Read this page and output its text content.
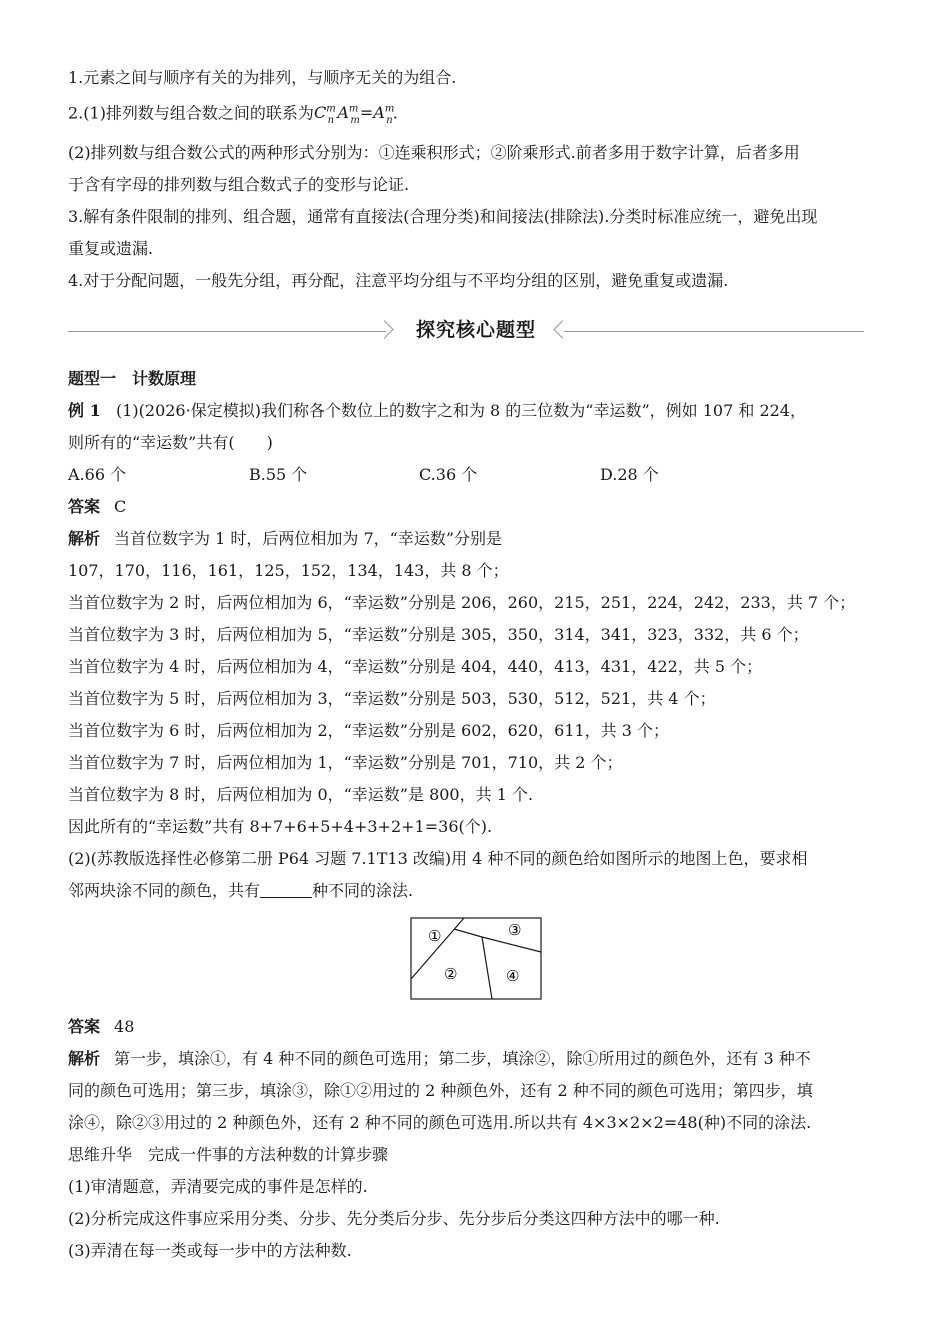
1.元素之间与顺序有关的为排列，与顺序无关的为组合.
2.(1)排列数与组合数之间的联系为$C^m_n$ $A^m_m=A^m_n$.
(2)排列数与组合数公式的两种形式分别为：①连乘积形式；②阶乘形式.前者多用于数字计算，后者多用
于含有字母的排列数与组合数式子的变形与论证.
3.解有条件限制的排列、组合题，通常有直接法(合理分类)和间接法(排除法).分类时标准应统一，避免出现
重复或遗漏.
4.对于分配问题，一般先分组，再分配，注意平均分组与不平均分组的区别，避免重复或遗漏.
探究核心题型
题型一　计数原理
例 1 (1)(2026·保定模拟)我们称各个数位上的数字之和为 8 的三位数为“幸运数”，例如 107 和 224，
则所有的“幸运数”共有(　　)
A.66 个	B.55 个	C.36 个	D.28 个
答案 C
解析 当首位数字为 1 时，后两位相加为 7，“幸运数”分别是
107，170，116，161，125，152，134，143，共 8 个；
当首位数字为 2 时，后两位相加为 6，“幸运数”分别是 206，260，215，251，224，242，233，共 7 个；
当首位数字为 3 时，后两位相加为 5，“幸运数”分别是 305，350，314，341，323，332，共 6 个；
当首位数字为 4 时，后两位相加为 4，“幸运数”分别是 404，440，413，431，422，共 5 个；
当首位数字为 5 时，后两位相加为 3，“幸运数”分别是 503，530，512，521，共 4 个；
当首位数字为 6 时，后两位相加为 2，“幸运数”分别是 602，620，611，共 3 个；
当首位数字为 7 时，后两位相加为 1，“幸运数”分别是 701，710，共 2 个；
当首位数字为 8 时，后两位相加为 0，“幸运数”是 800，共 1 个.
因此所有的“幸运数”共有 8+7+6+5+4+3+2+1=36(个).
(2)(苏教版选择性必修第二册 P64 习题 7.1T13 改编)用 4 种不同的颜色给如图所示的地图上色，要求相
邻两块涂不同的颜色，共有	种不同的涂法.
①
②
③
④
答案 48
解析 第一步，填涂①，有 4 种不同的颜色可选用；第二步，填涂②，除①所用过的颜色外，还有 3 种不
同的颜色可选用；第三步，填涂③，除①②用过的 2 种颜色外，还有 2 种不同的颜色可选用；第四步，填
涂④，除②③用过的 2 种颜色外，还有 2 种不同的颜色可选用.所以共有 4×3×2×2=48(种)不同的涂法.
思维升华 完成一件事的方法种数的计算步骤
(1)审清题意，弄清要完成的事件是怎样的.
(2)分析完成这件事应采用分类、分步、先分类后分步、先分步后分类这四种方法中的哪一种.
(3)弄清在每一类或每一步中的方法种数.
